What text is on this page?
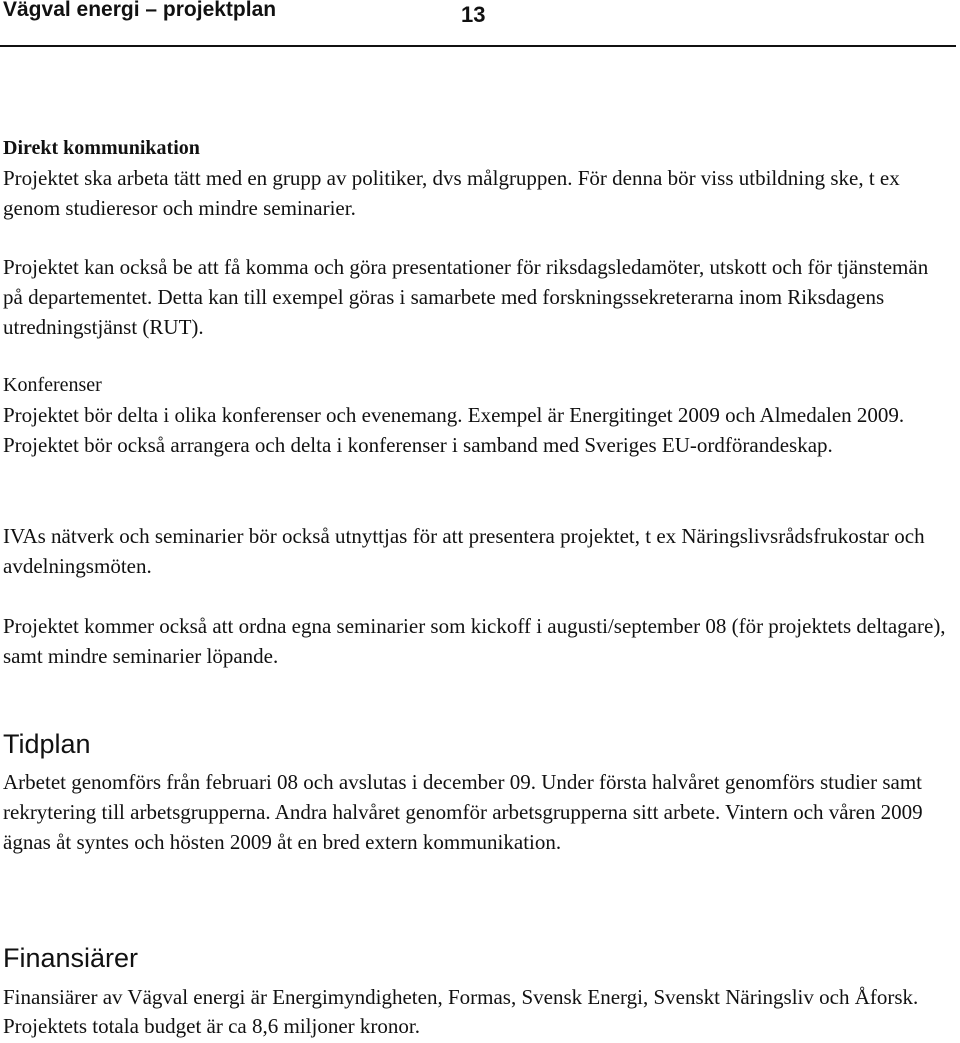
Vägval energi – projektplan	13
Direkt kommunikation

Projektet ska arbeta tätt med en grupp av politiker, dvs målgruppen. För denna bör viss utbildning ske, t ex genom studieresor och mindre seminarier.

Projektet kan också be att få komma och göra presentationer för riksdagsledamöter, utskott och för tjänstemän på departementet. Detta kan till exempel göras i samarbete med forskningssekreterarna inom Riksdagens utredningstjänst (RUT).

Konferenser

Projektet bör delta i olika konferenser och evenemang. Exempel är Energitinget 2009 och Almedalen 2009. Projektet bör också arrangera och delta i konferenser i samband med Sveriges EU-ordförandeskap.

IVAs nätverk och seminarier bör också utnyttjas för att presentera projektet, t ex Näringslivsrådsfrukostar och avdelningsmöten.

Projektet kommer också att ordna egna seminarier som kickoff i augusti/september 08 (för projektets deltagare), samt mindre seminarier löpande.

Tidplan

Arbetet genomförs från februari 08 och avslutas i december 09. Under första halvåret genomförs studier samt rekrytering till arbetsgrupperna. Andra halvåret genomför arbetsgrupperna sitt arbete. Vintern och våren 2009 ägnas åt syntes och hösten 2009 åt en bred extern kommunikation.

Finansiärer

Finansiärer av Vägval energi är Energimyndigheten, Formas, Svensk Energi, Svenskt Näringsliv och Åforsk. Projektets totala budget är ca 8,6 miljoner kronor.
